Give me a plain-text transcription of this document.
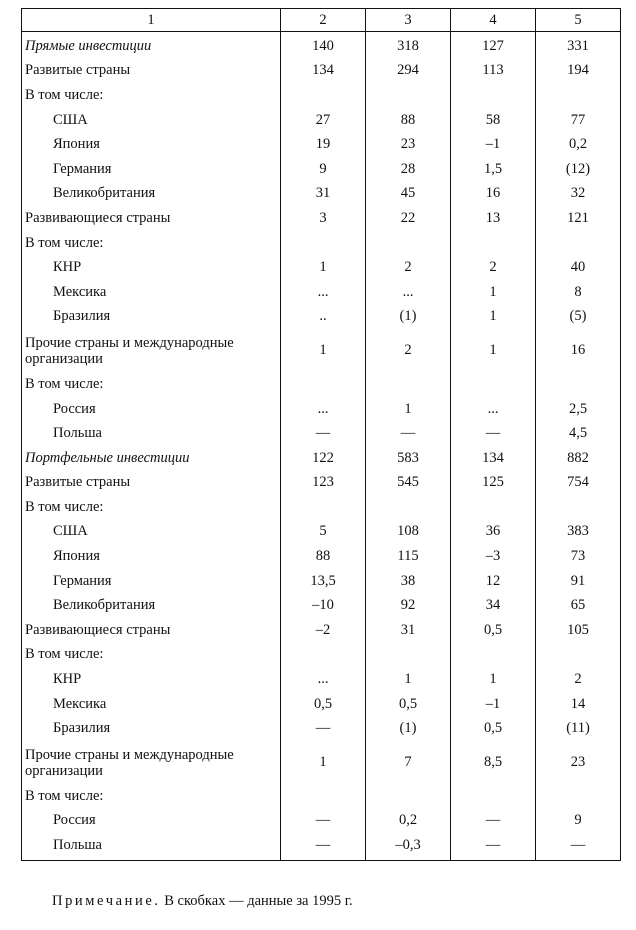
1	2	3	4	5
Прямые инвестиции	140	318	127	331
Развитые страны	134	294	113	194
В том числе:				
США	27	88	58	77
Япония	19	23	–1	0,2
Германия	9	28	1,5	(12)
Великобритания	31	45	16	32
Развивающиеся страны	3	22	13	121
В том числе:				
КНР	1	2	2	40
Мексика	...	...	1	8
Бразилия	..	(1)	1	(5)
Прочие страны и международные организации	1	2	1	16
В том числе:				
Россия	...	1	...	2,5
Польша	—	—	—	4,5
Портфельные инвестиции	122	583	134	882
Развитые страны	123	545	125	754
В том числе:				
США	5	108	36	383
Япония	88	115	–3	73
Германия	13,5	38	12	91
Великобритания	–10	92	34	65
Развивающиеся страны	–2	31	0,5	105
В том числе:				
КНР	...	1	1	2
Мексика	0,5	0,5	–1	14
Бразилия	—	(1)	0,5	(11)
Прочие страны и международные организации	1	7	8,5	23
В том числе:				
Россия	—	0,2	—	9
Польша	—	–0,3	—	—
Примечание. В скобках — данные за 1995 г.
